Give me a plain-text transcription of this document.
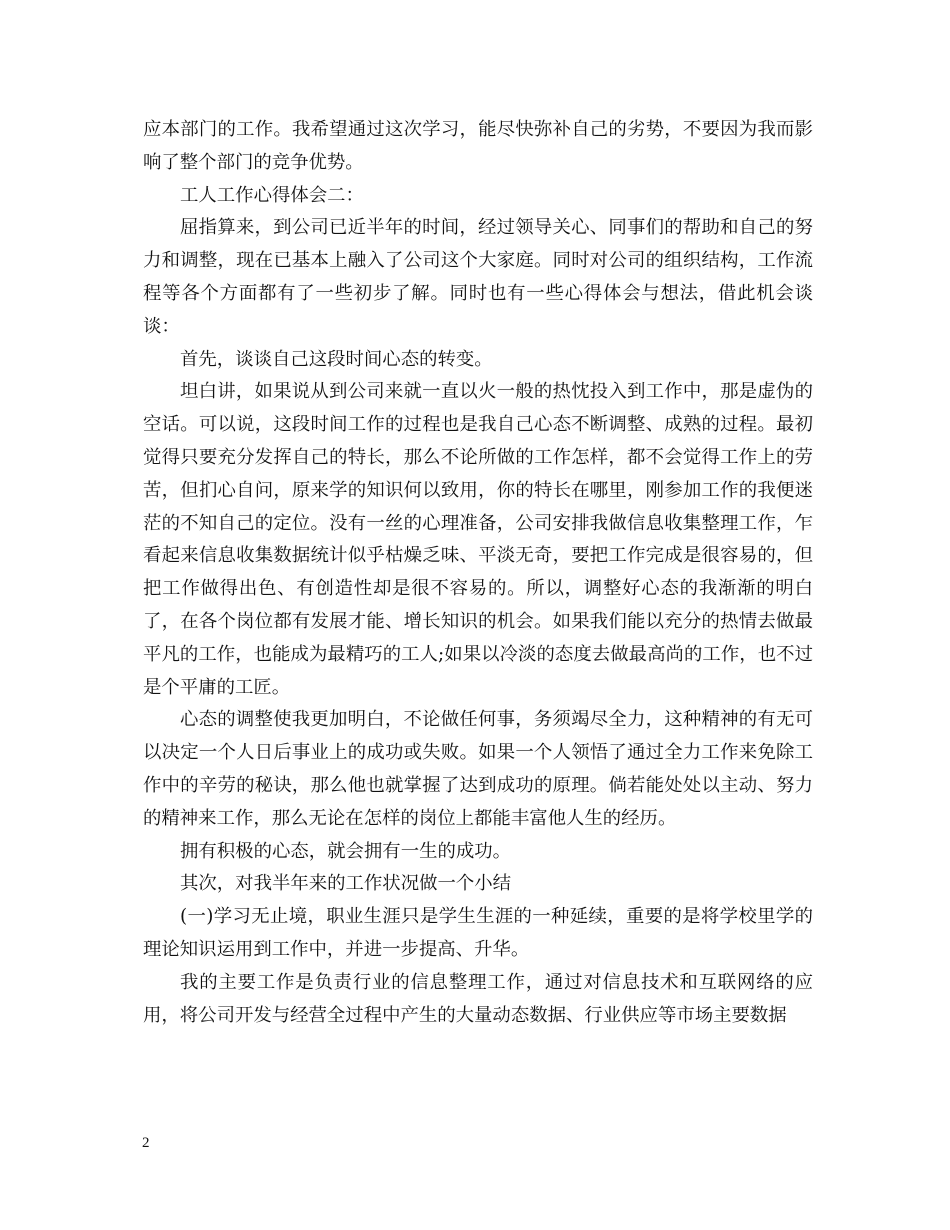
应本部门的工作。我希望通过这次学习，能尽快弥补自己的劣势，不要因为我而影响了整个部门的竞争优势。

工人工作心得体会二：

屈指算来，到公司已近半年的时间，经过领导关心、同事们的帮助和自己的努力和调整，现在已基本上融入了公司这个大家庭。同时对公司的组织结构，工作流程等各个方面都有了一些初步了解。同时也有一些心得体会与想法，借此机会谈谈：

首先，谈谈自己这段时间心态的转变。

坦白讲，如果说从到公司来就一直以火一般的热忱投入到工作中，那是虚伪的空话。可以说，这段时间工作的过程也是我自己心态不断调整、成熟的过程。最初觉得只要充分发挥自己的特长，那么不论所做的工作怎样，都不会觉得工作上的劳苦，但扪心自问，原来学的知识何以致用，你的特长在哪里，刚参加工作的我便迷茫的不知自己的定位。没有一丝的心理准备，公司安排我做信息收集整理工作，乍看起来信息收集数据统计似乎枯燥乏味、平淡无奇，要把工作完成是很容易的，但把工作做得出色、有创造性却是很不容易的。所以，调整好心态的我渐渐的明白了，在各个岗位都有发展才能、增长知识的机会。如果我们能以充分的热情去做最平凡的工作，也能成为最精巧的工人;如果以冷淡的态度去做最高尚的工作，也不过是个平庸的工匠。

心态的调整使我更加明白，不论做任何事，务须竭尽全力，这种精神的有无可以决定一个人日后事业上的成功或失败。如果一个人领悟了通过全力工作来免除工作中的辛劳的秘诀，那么他也就掌握了达到成功的原理。倘若能处处以主动、努力的精神来工作，那么无论在怎样的岗位上都能丰富他人生的经历。

拥有积极的心态，就会拥有一生的成功。

其次，对我半年来的工作状况做一个小结

(一)学习无止境，职业生涯只是学生生涯的一种延续，重要的是将学校里学的理论知识运用到工作中，并进一步提高、升华。

我的主要工作是负责行业的信息整理工作，通过对信息技术和互联网络的应用，将公司开发与经营全过程中产生的大量动态数据、行业供应等市场主要数据

2
